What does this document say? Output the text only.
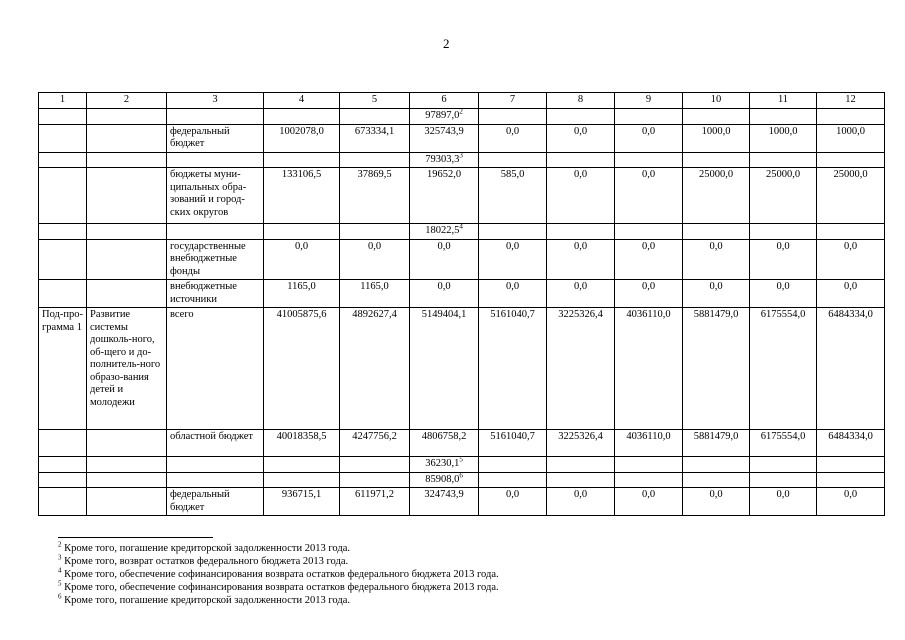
2
1	2	3	4	5	6	7	8	9	10	11	12
					97897,0$^2$						
		федеральный бюджет	1002078,0	673334,1	325743,9	0,0	0,0	0,0	1000,0	1000,0	1000,0
					79303,3$^3$						
		бюджеты муни-ципальных обра-зований и город-ских округов	133106,5	37869,5	19652,0	585,0	0,0	0,0	25000,0	25000,0	25000,0
					18022,5$^4$						
		государственные внебюджетные фонды	0,0	0,0	0,0	0,0	0,0	0,0	0,0	0,0	0,0
		внебюджетные источники	1165,0	1165,0	0,0	0,0	0,0	0,0	0,0	0,0	0,0
Под-про-грамма 1	Развитие системы дошколь-ного, об-щего и до-полнитель-ного образо-вания детей и молодежи	всего	41005875,6	4892627,4	5149404,1	5161040,7	3225326,4	4036110,0	5881479,0	6175554,0	6484334,0
		областной бюджет	40018358,5	4247756,2	4806758,2	5161040,7	3225326,4	4036110,0	5881479,0	6175554,0	6484334,0
					36230,1$^5$						
					85908,0$^6$						
		федеральный бюджет	936715,1	611971,2	324743,9	0,0	0,0	0,0	0,0	0,0	0,0
$^2$ Кроме того, погашение кредиторской задолженности 2013 года.
$^3$ Кроме того, возврат остатков федерального бюджета 2013 года.
$^4$ Кроме того, обеспечение софинансирования возврата остатков федерального бюджета 2013 года.
$^5$ Кроме того, обеспечение софинансирования возврата остатков федерального бюджета 2013 года.
$^6$ Кроме того, погашение кредиторской задолженности 2013 года.
